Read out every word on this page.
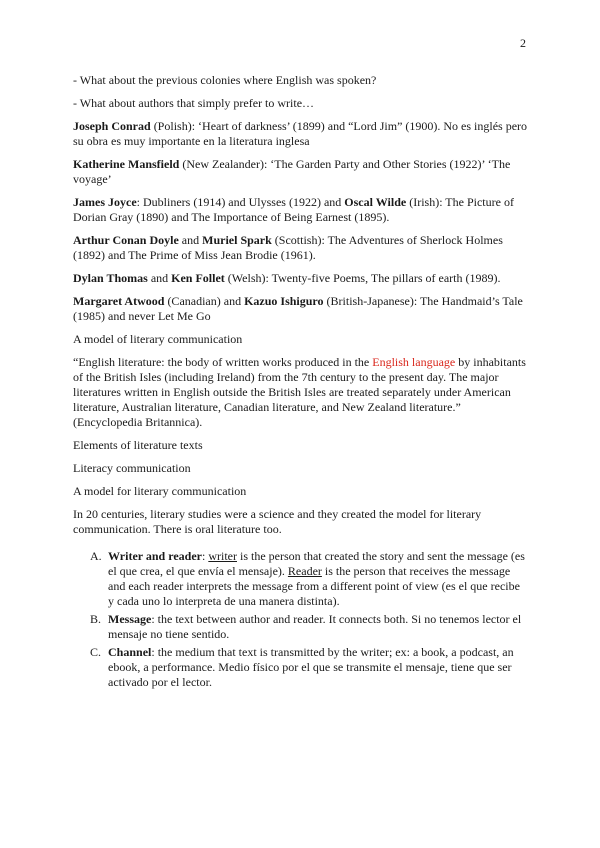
2

- What about the previous colonies where English was spoken?

- What about authors that simply prefer to write…

Joseph Conrad (Polish): ‘Heart of darkness’ (1899) and “Lord Jim” (1900). No es inglés pero su obra es muy importante en la literatura inglesa

Katherine Mansfield (New Zealander): ‘The Garden Party and Other Stories (1922)’ ‘The voyage’

James Joyce: Dubliners (1914) and Ulysses (1922) and Oscal Wilde (Irish): The Picture of Dorian Gray (1890) and The Importance of Being Earnest (1895).

Arthur Conan Doyle and Muriel Spark (Scottish): The Adventures of Sherlock Holmes (1892) and The Prime of Miss Jean Brodie (1961).

Dylan Thomas and Ken Follet (Welsh): Twenty-five Poems, The pillars of earth (1989).

Margaret Atwood (Canadian) and Kazuo Ishiguro (British-Japanese): The Handmaid’s Tale (1985) and never Let Me Go

A model of literary communication

“English literature: the body of written works produced in the English language by inhabitants of the British Isles (including Ireland) from the 7th century to the present day. The major literatures written in English outside the British Isles are treated separately under American literature, Australian literature, Canadian literature, and New Zealand literature.” (Encyclopedia Britannica).

Elements of literature texts

Literacy communication

A model for literary communication

In 20 centuries, literary studies were a science and they created the model for literary communication. There is oral literature too.

A. Writer and reader: writer is the person that created the story and sent the message (es el que crea, el que envía el mensaje). Reader is the person that receives the message and each reader interprets the message from a different point of view (es el que recibe y cada uno lo interpreta de una manera distinta).
B. Message: the text between author and reader. It connects both. Si no tenemos lector el mensaje no tiene sentido.
C. Channel: the medium that text is transmitted by the writer; ex: a book, a podcast, an ebook, a performance. Medio físico por el que se transmite el mensaje, tiene que ser activado por el lector.
